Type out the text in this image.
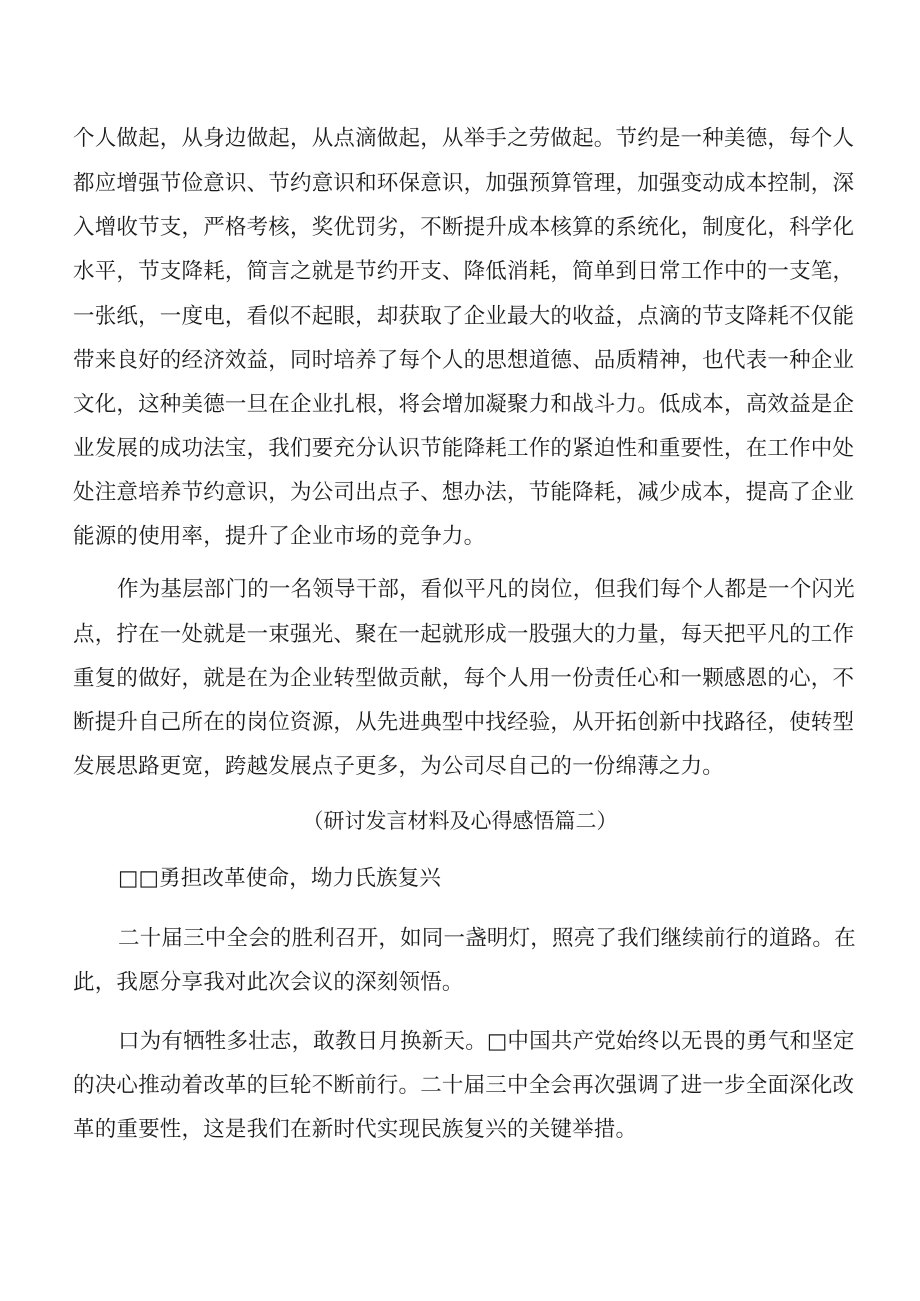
个人做起，从身边做起，从点滴做起，从举手之劳做起。节约是一种美德，每个人
都应增强节俭意识、节约意识和环保意识，加强预算管理，加强变动成本控制，深
入增收节支，严格考核，奖优罚劣，不断提升成本核算的系统化，制度化，科学化
水平，节支降耗，简言之就是节约开支、降低消耗，简单到日常工作中的一支笔，
一张纸，一度电，看似不起眼，却获取了企业最大的收益，点滴的节支降耗不仅能
带来良好的经济效益，同时培养了每个人的思想道德、品质精神，也代表一种企业
文化，这种美德一旦在企业扎根，将会增加凝聚力和战斗力。低成本，高效益是企
业发展的成功法宝，我们要充分认识节能降耗工作的紧迫性和重要性，在工作中处
处注意培养节约意识，为公司出点子、想办法，节能降耗，减少成本，提高了企业
能源的使用率，提升了企业市场的竞争力。
作为基层部门的一名领导干部，看似平凡的岗位，但我们每个人都是一个闪光
点，拧在一处就是一束强光、聚在一起就形成一股强大的力量，每天把平凡的工作
重复的做好，就是在为企业转型做贡献，每个人用一份责任心和一颗感恩的心，不
断提升自己所在的岗位资源，从先进典型中找经验，从开拓创新中找路径，使转型
发展思路更宽，跨越发展点子更多，为公司尽自己的一份绵薄之力。
（研讨发言材料及心得感悟篇二）
□□勇担改革使命，坳力氏族复兴
二十届三中全会的胜利召开，如同一盏明灯，照亮了我们继续前行的道路。在
此，我愿分享我对此次会议的深刻领悟。
口为有牺牲多壮志，敢教日月换新天。□中国共产党始终以无畏的勇气和坚定
的决心推动着改革的巨轮不断前行。二十届三中全会再次强调了进一步全面深化改
革的重要性，这是我们在新时代实现民族复兴的关键举措。
